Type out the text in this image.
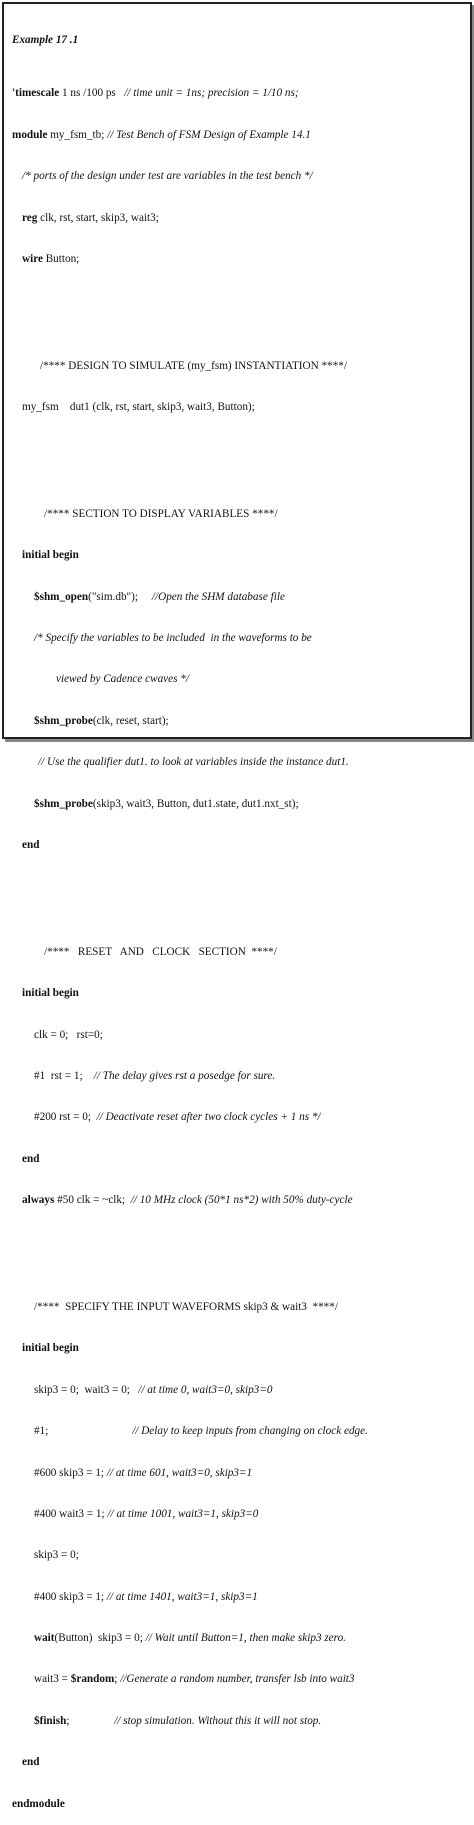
Example 17 .1

'timescale 1 ns /100 ps   // time unit = 1ns; precision = 1/10 ns;

module my_fsm_tb; // Test Bench of FSM Design of Example 14.1

/* ports of the design under test are variables in the test bench */

reg clk, rst, start, skip3, wait3;

wire Button;

/**** DESIGN TO SIMULATE (my_fsm) INSTANTIATION ****/

my_fsm    dut1 (clk, rst, start, skip3, wait3, Button);

/**** SECTION TO DISPLAY VARIABLES ****/

initial begin

$shm_open("sim.db");     //Open the SHM database file

/* Specify the variables to be included  in the waveforms to be

viewed by Cadence cwaves */

$shm_probe(clk, reset, start);

// Use the qualifier dut1. to look at variables inside the instance dut1.

$shm_probe(skip3, wait3, Button, dut1.state, dut1.nxt_st);

end

/****   RESET   AND   CLOCK   SECTION  ****/

initial begin

clk = 0;   rst=0;

#1  rst = 1;    // The delay gives rst a posedge for sure.

#200 rst = 0;  // Deactivate reset after two clock cycles + 1 ns */

end

always #50 clk = ~clk;  // 10 MHz clock (50*1 ns*2) with 50% duty-cycle

/****  SPECIFY THE INPUT WAVEFORMS skip3 & wait3  ****/

initial begin

skip3 = 0;  wait3 = 0;   // at time 0, wait3=0, skip3=0

#1;                              // Delay to keep inputs from changing on clock edge.

#600 skip3 = 1; // at time 601, wait3=0, skip3=1

#400 wait3 = 1; // at time 1001, wait3=1, skip3=0

skip3 = 0;

#400 skip3 = 1; // at time 1401, wait3=1, skip3=1

wait(Button)  skip3 = 0; // Wait until Button=1, then make skip3 zero.

wait3 = $random; //Generate a random number, transfer lsb into wait3

$finish;                // stop simulation. Without this it will not stop.

end

endmodule
